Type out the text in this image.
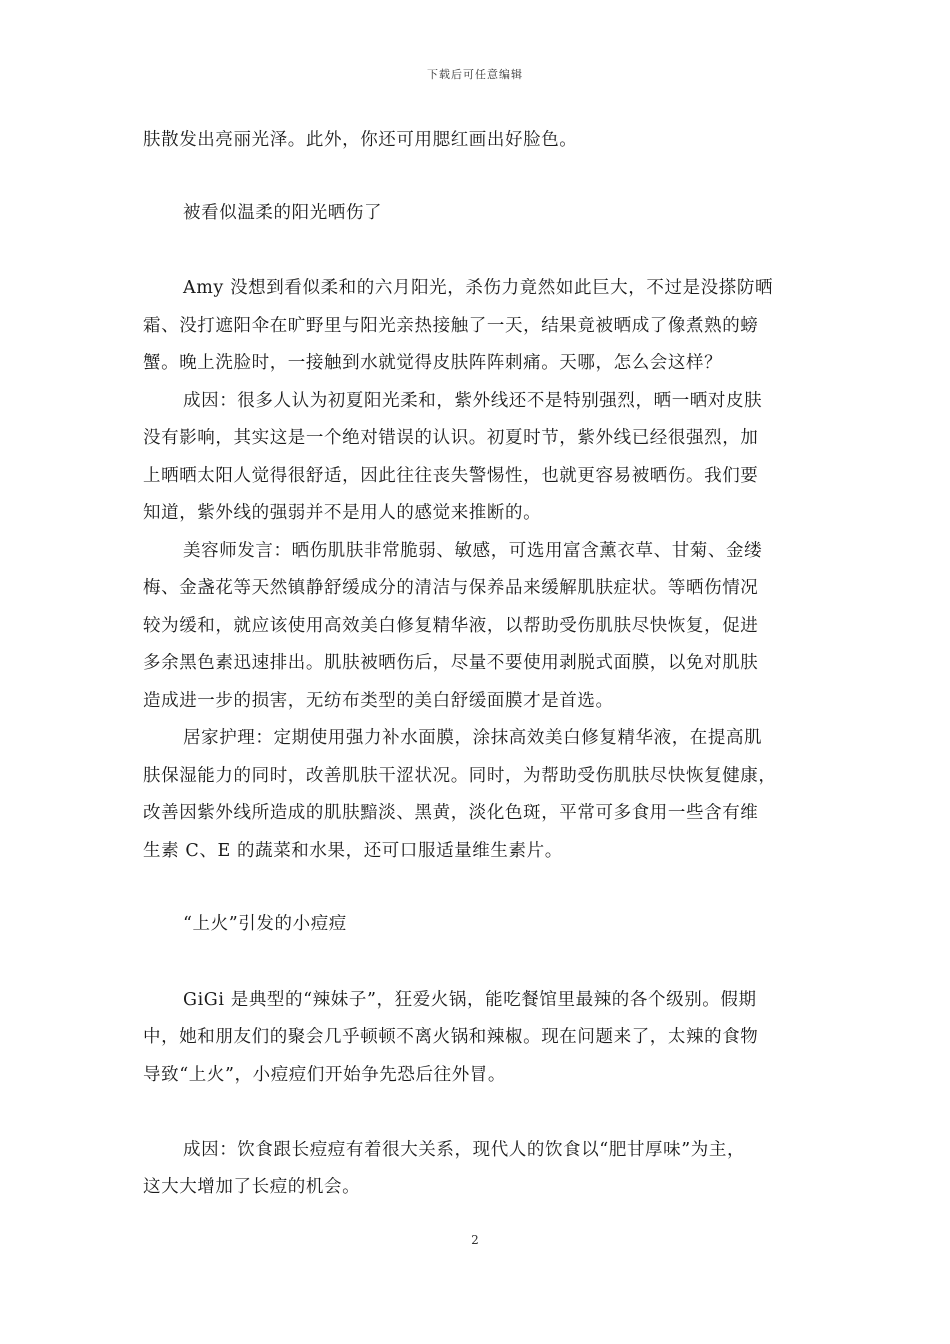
下载后可任意编辑
肤散发出亮丽光泽。此外，你还可用腮红画出好脸色。
被看似温柔的阳光晒伤了
Amy 没想到看似柔和的六月阳光，杀伤力竟然如此巨大，不过是没搽防晒
霜、没打遮阳伞在旷野里与阳光亲热接触了一天，结果竟被晒成了像煮熟的螃
蟹。晚上洗脸时，一接触到水就觉得皮肤阵阵刺痛。天哪，怎么会这样？
成因：很多人认为初夏阳光柔和，紫外线还不是特别强烈，晒一晒对皮肤
没有影响，其实这是一个绝对错误的认识。初夏时节，紫外线已经很强烈，加
上晒晒太阳人觉得很舒适，因此往往丧失警惕性，也就更容易被晒伤。我们要
知道，紫外线的强弱并不是用人的感觉来推断的。
美容师发言：晒伤肌肤非常脆弱、敏感，可选用富含薰衣草、甘菊、金缕
梅、金盏花等天然镇静舒缓成分的清洁与保养品来缓解肌肤症状。等晒伤情况
较为缓和，就应该使用高效美白修复精华液，以帮助受伤肌肤尽快恢复，促进
多余黑色素迅速排出。肌肤被晒伤后，尽量不要使用剥脱式面膜，以免对肌肤
造成进一步的损害，无纺布类型的美白舒缓面膜才是首选。
居家护理：定期使用强力补水面膜，涂抹高效美白修复精华液，在提高肌
肤保湿能力的同时，改善肌肤干涩状况。同时，为帮助受伤肌肤尽快恢复健康，
改善因紫外线所造成的肌肤黯淡、黑黄，淡化色斑，平常可多食用一些含有维
生素 C、E 的蔬菜和水果，还可口服适量维生素片。
“上火”引发的小痘痘
GiGi 是典型的“辣妹子”，狂爱火锅，能吃餐馆里最辣的各个级别。假期
中，她和朋友们的聚会几乎顿顿不离火锅和辣椒。现在问题来了，太辣的食物
导致“上火”，小痘痘们开始争先恐后往外冒。
成因：饮食跟长痘痘有着很大关系，现代人的饮食以“肥甘厚味”为主，
这大大增加了长痘的机会。
2
